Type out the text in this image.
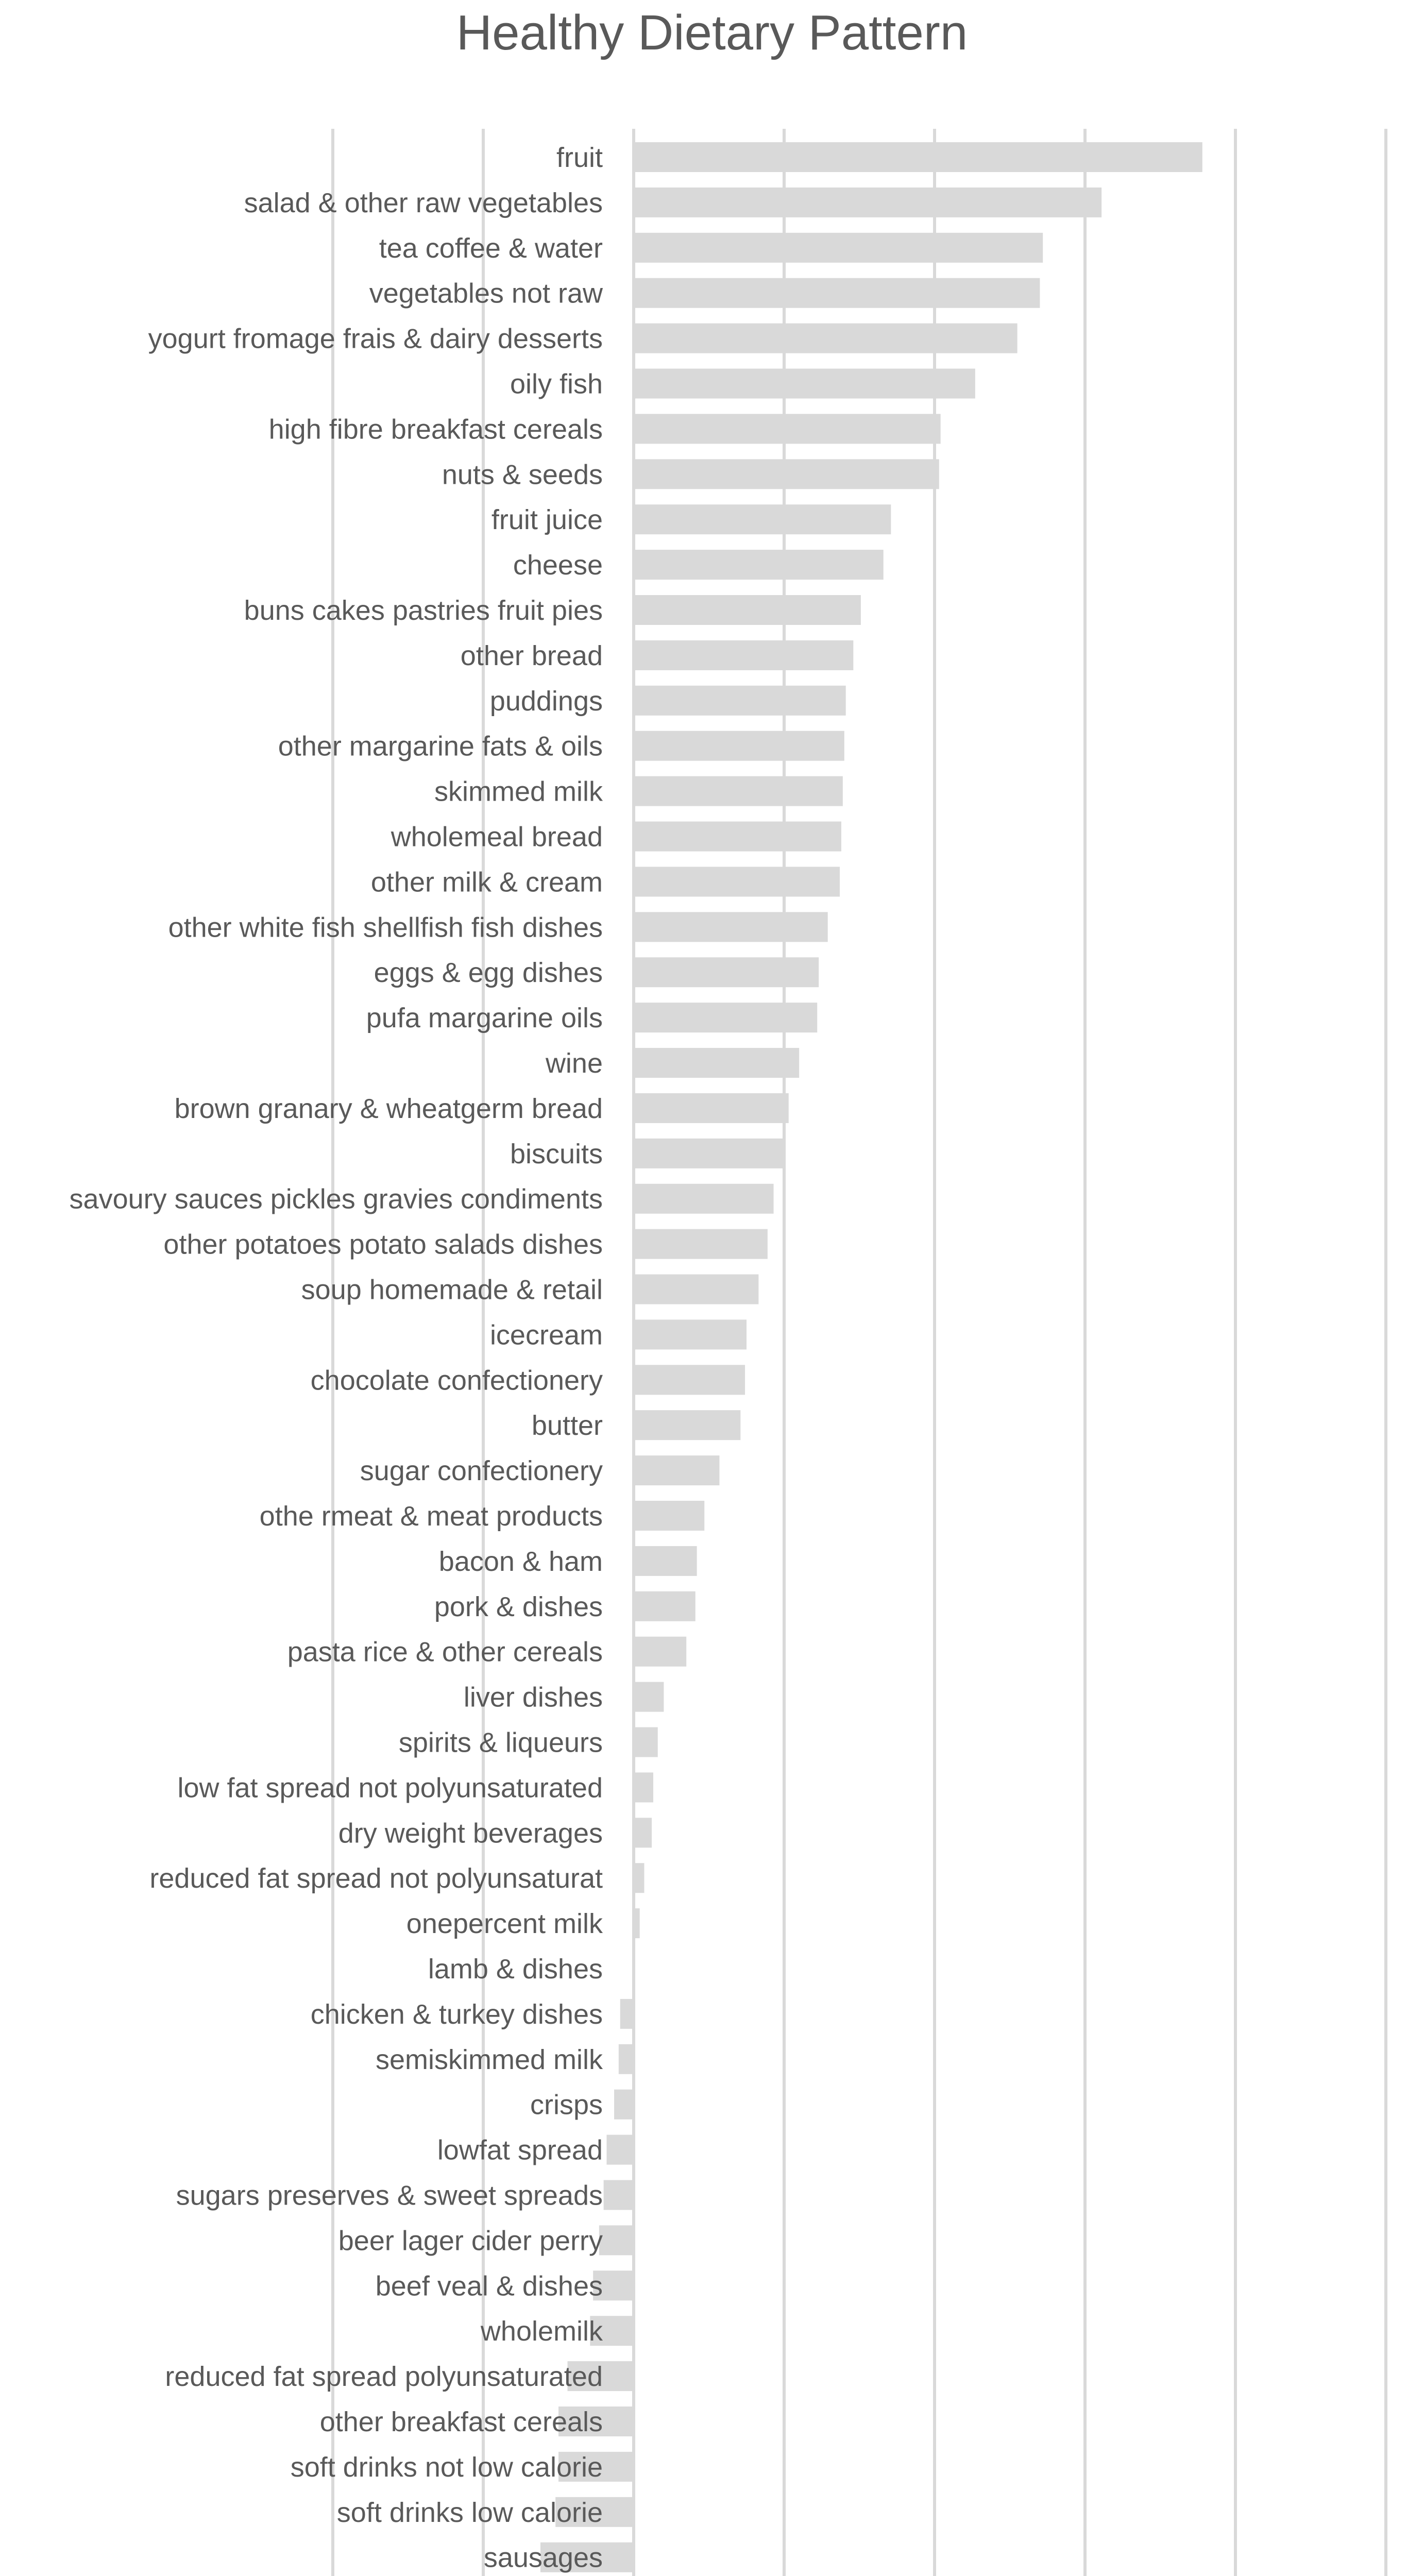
Healthy Dietary Pattern
fruit
salad & other raw vegetables
tea coffee & water
vegetables not raw
yogurt fromage frais & dairy desserts
oily fish
high fibre breakfast cereals
nuts & seeds
fruit juice
cheese
buns cakes pastries fruit pies
other bread
puddings
other margarine fats & oils
skimmed milk
wholemeal bread
other milk & cream
other white fish shellfish fish dishes
eggs & egg dishes
pufa margarine oils
wine
brown granary & wheatgerm bread
biscuits
savoury sauces pickles gravies condiments
other potatoes potato salads dishes
soup homemade & retail
icecream
chocolate confectionery
butter
sugar confectionery
othe rmeat & meat products
bacon & ham
pork & dishes
pasta rice & other cereals
liver dishes
spirits & liqueurs
low fat spread not polyunsaturated
dry weight beverages
reduced fat spread not polyunsaturat
onepercent milk
lamb & dishes
chicken & turkey dishes
semiskimmed milk
crisps
lowfat spread
sugars preserves & sweet spreads
beer lager cider perry
beef veal & dishes
wholemilk
reduced fat spread polyunsaturated
other breakfast cereals
soft drinks not low calorie
soft drinks low calorie
sausages
